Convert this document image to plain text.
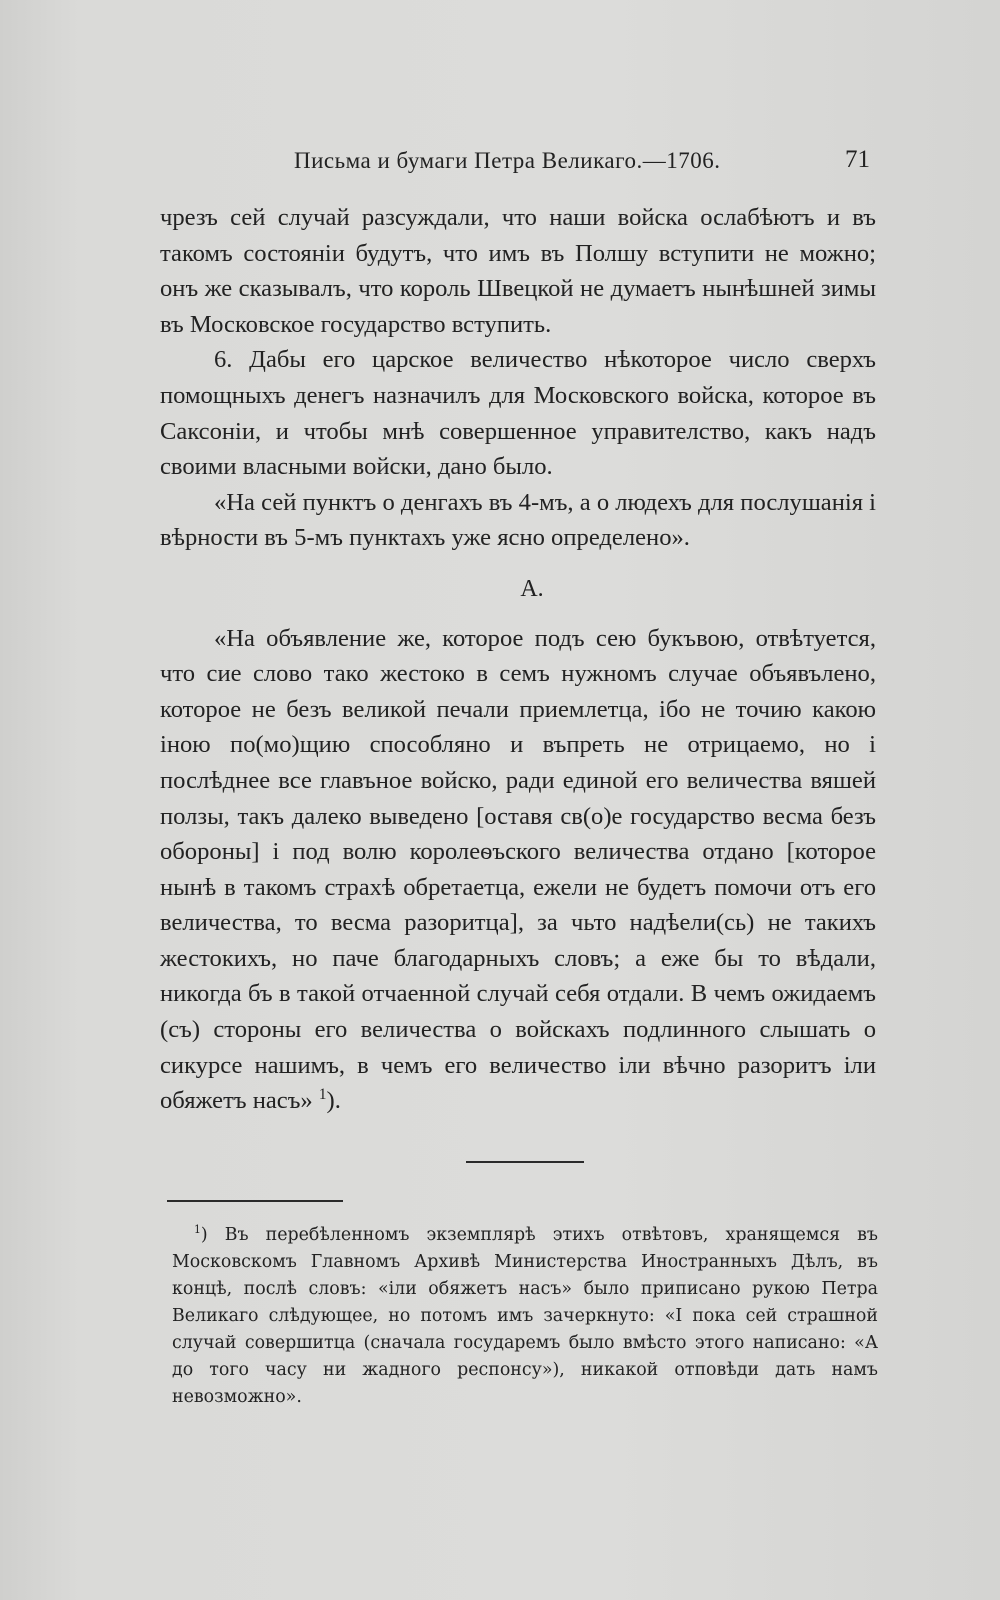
Письма и бумаги Петра Великаго.—1706.	71

чрезъ сей случай разсуждали, что наши войска ослабѣютъ и въ такомъ состояніи будутъ, что имъ въ Полшу вступити не можно; онъ же сказывалъ, что король Швецкой не думаетъ нынѣшней зимы въ Московское государство вступить.

6. Дабы его царское величество нѣкоторое число сверхъ помощныхъ денегъ назначилъ для Московского войска, которое въ Саксоніи, и чтобы мнѣ совершенное управителство, какъ надъ своими власными войски, дано было.

«На сей пунктъ о денгахъ въ 4-мъ, а о людехъ для послушанія і вѣрности въ 5-мъ пунктахъ уже ясно определено».

А.

«На объявление же, которое подъ сею букъвою, отвѣтуется, что сие слово тако жестоко в семъ нужномъ случае объявълено, которое не безъ великой печали приемлетца, ібо не точию какою іною по(мо)щию способляно и въпреть не отрицаемо, но і послѣднее все главъное войско, ради единой его величества вяшей ползы, такъ далеко выведено [оставя св(о)е государство весма безъ обороны] і под волю королеѳъского величества отдано [которое нынѣ в такомъ страхѣ обретаетца, ежели не будетъ помочи отъ его величества, то весма разоритца], за чьто надѣели(сь) не такихъ жестокихъ, но паче благодарныхъ словъ; а еже бы то вѣдали, никогда бъ в такой отчаенной случай себя отдали. В чемъ ожидаемъ (съ) стороны его величества о войскахъ подлинного слышать о сикурсе нашимъ, в чемъ его величество іли вѣчно разоритъ іли обяжетъ насъ» $^1$).

$^1$) Въ перебѣленномъ экземплярѣ этихъ отвѣтовъ, хранящемся въ Московскомъ Главномъ Архивѣ Министерства Иностранныхъ Дѣлъ, въ концѣ, послѣ словъ: «іли обяжетъ насъ» было приписано рукою Петра Великаго слѣдующее, но потомъ имъ зачеркнуто: «І пока сей страшной случай совершитца (сначала государемъ было вмѣсто этого написано: «А до того часу ни жадного респонсу»), никакой отповѣди дать намъ невозможно».
